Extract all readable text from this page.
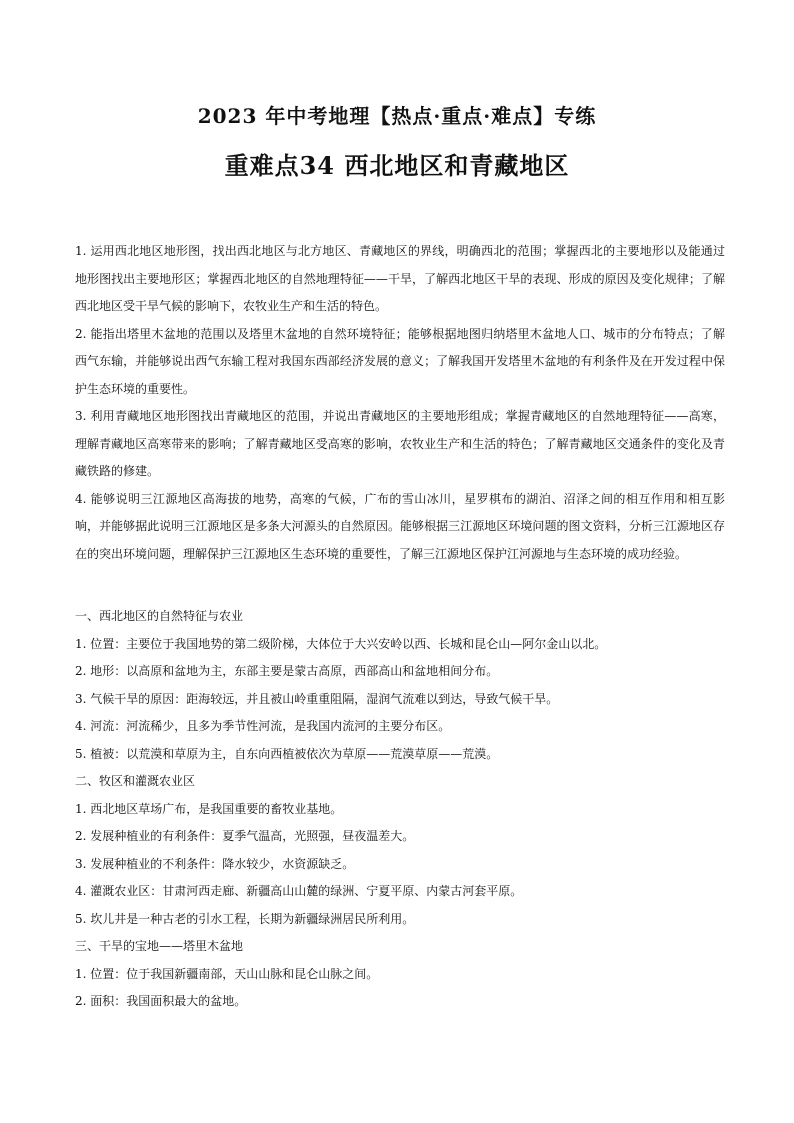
2023 年中考地理【热点·重点·难点】专练
重难点34 西北地区和青藏地区

1. 运用西北地区地形图，找出西北地区与北方地区、青藏地区的界线，明确西北的范围；掌握西北的主要地形以及能通过地形图找出主要地形区；掌握西北地区的自然地理特征——干旱，了解西北地区干旱的表现、形成的原因及变化规律；了解西北地区受干旱气候的影响下，农牧业生产和生活的特色。

2. 能指出塔里木盆地的范围以及塔里木盆地的自然环境特征；能够根据地图归纳塔里木盆地人口、城市的分布特点；了解西气东输，并能够说出西气东输工程对我国东西部经济发展的意义；了解我国开发塔里木盆地的有利条件及在开发过程中保护生态环境的重要性。

3. 利用青藏地区地形图找出青藏地区的范围，并说出青藏地区的主要地形组成；掌握青藏地区的自然地理特征——高寒，理解青藏地区高寒带来的影响；了解青藏地区受高寒的影响，农牧业生产和生活的特色；了解青藏地区交通条件的变化及青藏铁路的修建。

4. 能够说明三江源地区高海拔的地势，高寒的气候，广布的雪山冰川，星罗棋布的湖泊、沼泽之间的相互作用和相互影响，并能够据此说明三江源地区是多条大河源头的自然原因。能够根据三江源地区环境问题的图文资料，分析三江源地区存在的突出环境问题，理解保护三江源地区生态环境的重要性，了解三江源地区保护江河源地与生态环境的成功经验。

一、西北地区的自然特征与农业

1. 位置：主要位于我国地势的第二级阶梯，大体位于大兴安岭以西、长城和昆仑山—阿尔金山以北。

2. 地形：以高原和盆地为主，东部主要是蒙古高原，西部高山和盆地相间分布。

3. 气候干旱的原因：距海较远，并且被山岭重重阻隔，湿润气流难以到达，导致气候干旱。

4. 河流：河流稀少，且多为季节性河流，是我国内流河的主要分布区。

5. 植被：以荒漠和草原为主，自东向西植被依次为草原——荒漠草原——荒漠。

二、牧区和灌溉农业区

1. 西北地区草场广布，是我国重要的畜牧业基地。

2. 发展种植业的有利条件：夏季气温高，光照强，昼夜温差大。

3. 发展种植业的不利条件：降水较少，水资源缺乏。

4. 灌溉农业区：甘肃河西走廊、新疆高山山麓的绿洲、宁夏平原、内蒙古河套平原。

5. 坎儿井是一种古老的引水工程，长期为新疆绿洲居民所利用。

三、干旱的宝地——塔里木盆地

1. 位置：位于我国新疆南部，天山山脉和昆仑山脉之间。

2. 面积：我国面积最大的盆地。
